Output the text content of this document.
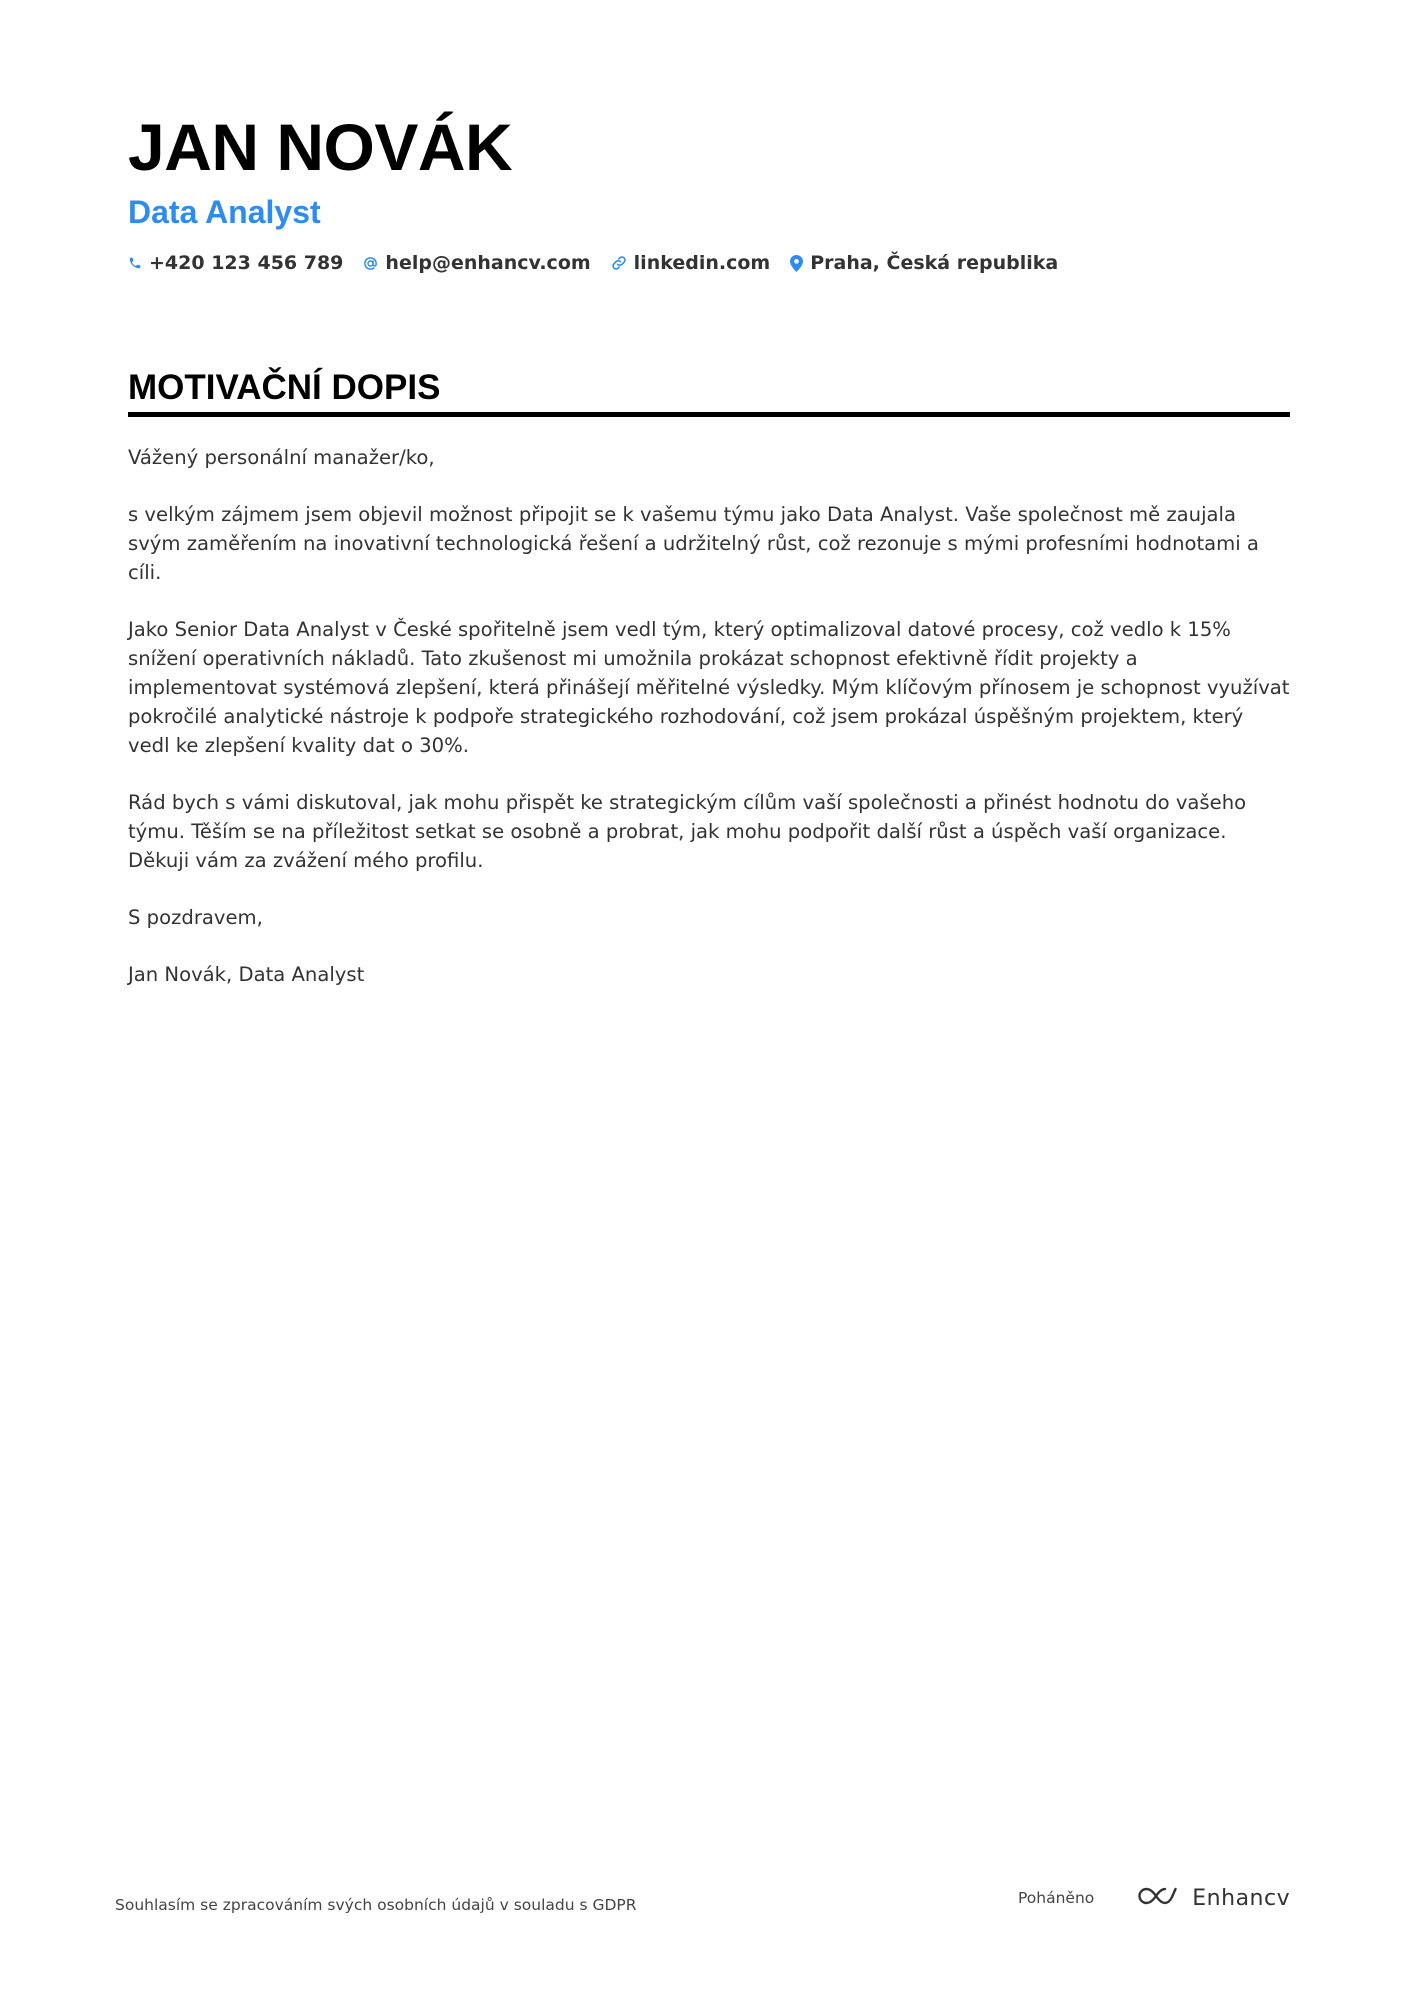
JAN NOVÁK
Data Analyst
+420 123 456 789 help@enhancv.com linkedin.com Praha, Česká republika
MOTIVAČNÍ DOPIS

Vážený personální manažer/ko,

s velkým zájmem jsem objevil možnost připojit se k vašemu týmu jako Data Analyst. Vaše společnost mě zaujala svým zaměřením na inovativní technologická řešení a udržitelný růst, což rezonuje s mými profesními hodnotami a cíli.

Jako Senior Data Analyst v České spořitelně jsem vedl tým, který optimalizoval datové procesy, což vedlo k 15% snížení operativních nákladů. Tato zkušenost mi umožnila prokázat schopnost efektivně řídit projekty a implementovat systémová zlepšení, která přinášejí měřitelné výsledky. Mým klíčovým přínosem je schopnost využívat pokročilé analytické nástroje k podpoře strategického rozhodování, což jsem prokázal úspěšným projektem, který vedl ke zlepšení kvality dat o 30%.

Rád bych s vámi diskutoval, jak mohu přispět ke strategickým cílům vaší společnosti a přinést hodnotu do vašeho týmu. Těším se na příležitost setkat se osobně a probrat, jak mohu podpořit další růst a úspěch vaší organizace. Děkuji vám za zvážení mého profilu.

S pozdravem,

Jan Novák, Data Analyst

Souhlasím se zpracováním svých osobních údajů v souladu s GDPR	Poháněno	Enhancv
